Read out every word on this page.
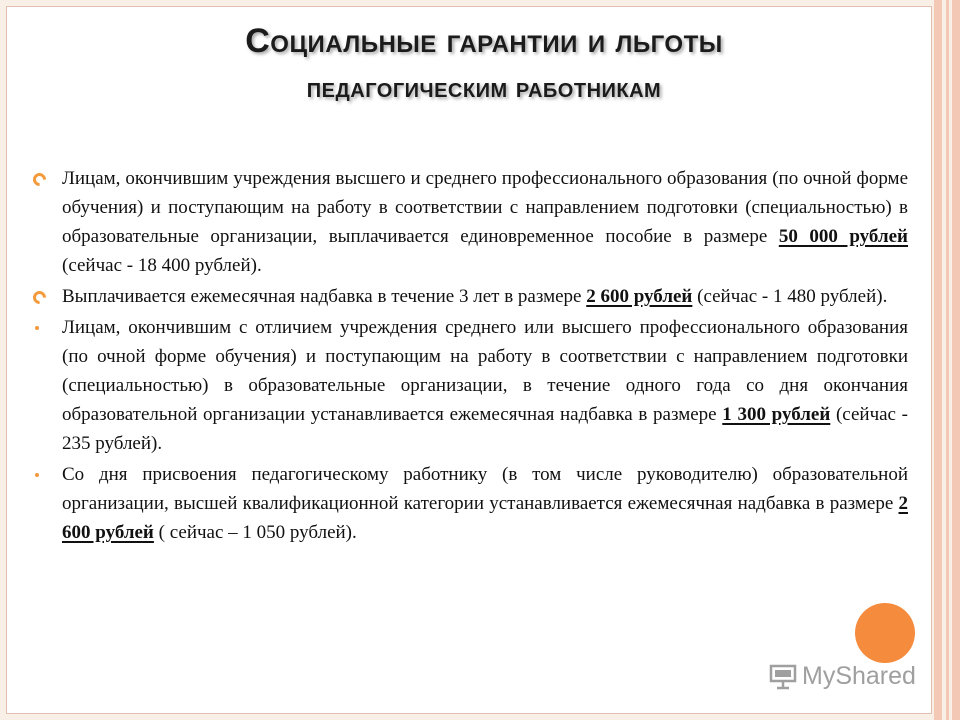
Социальные гарантии и льготы
педагогическим работникам
Лицам, окончившим учреждения высшего и среднего профессионального образования (по очной форме обучения) и поступающим на работу в соответствии с направлением подготовки (специальностью) в образовательные организации, выплачивается единовременное пособие в размере 50 000 рублей (сейчас - 18 400 рублей).
Выплачивается ежемесячная надбавка в течение 3 лет в размере 2 600 рублей (сейчас - 1 480 рублей).
Лицам, окончившим с отличием учреждения среднего или высшего профессионального образования (по очной форме обучения) и поступающим на работу в соответствии с направлением подготовки (специальностью) в образовательные организации, в течение одного года со дня окончания образовательной организации устанавливается ежемесячная надбавка в размере 1 300 рублей (сейчас - 235 рублей).
Со дня присвоения педагогическому работнику (в том числе руководителю) образовательной организации, высшей квалификационной категории устанавливается ежемесячная надбавка в размере 2 600 рублей ( сейчас – 1 050 рублей).
MyShared
